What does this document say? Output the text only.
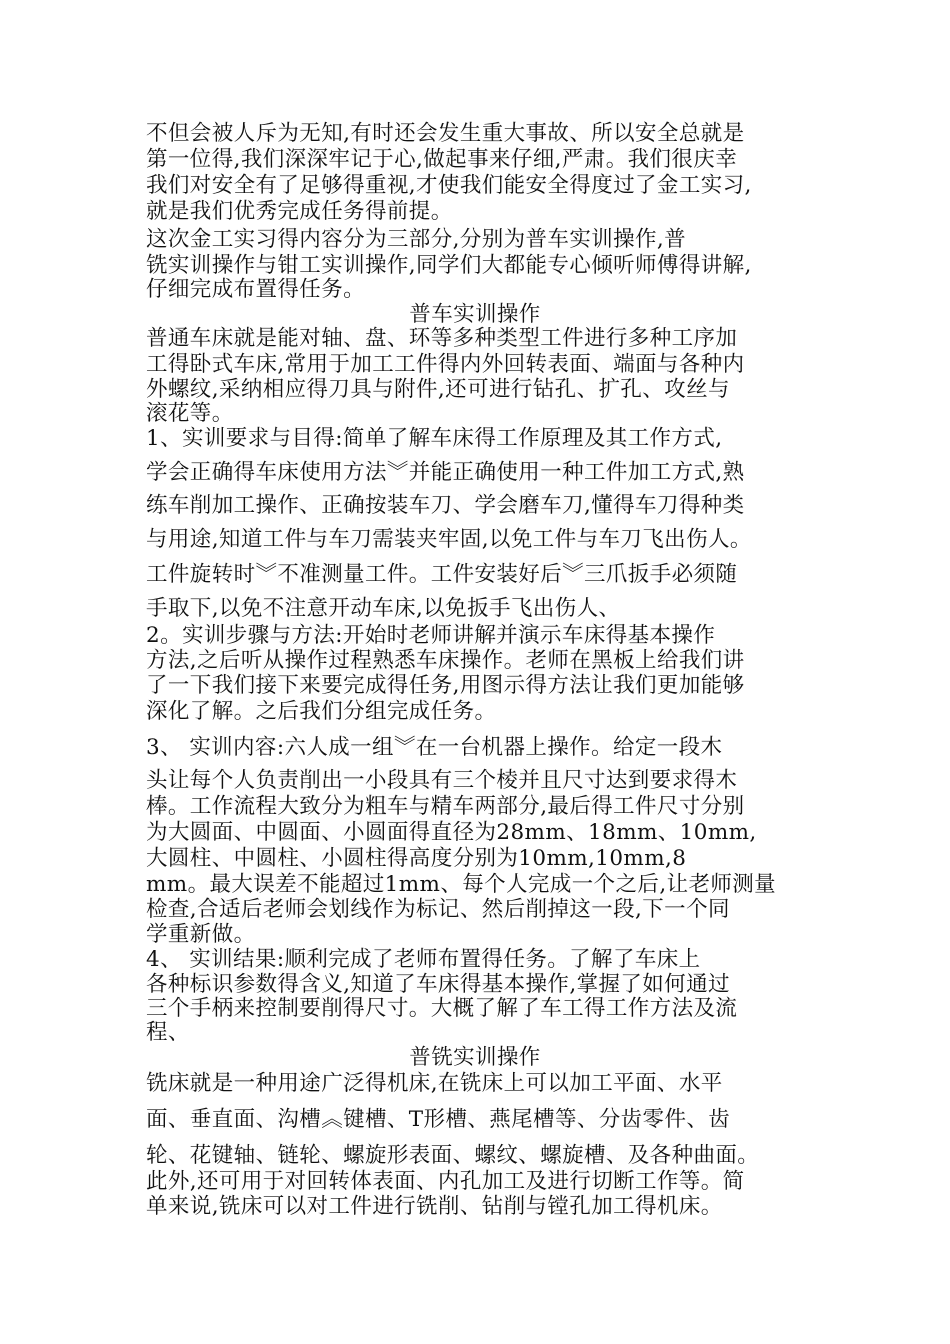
不但会被人斥为无知,有时还会发生重大事故、所以安全总就是
第一位得,我们深深牢记于心,做起事来仔细,严肃。我们很庆幸
我们对安全有了足够得重视,才使我们能安全得度过了金工实习,
就是我们优秀完成任务得前提。
这次金工实习得内容分为三部分,分别为普车实训操作,普
铣实训操作与钳工实训操作,同学们大都能专心倾听师傅得讲解,
仔细完成布置得任务。
普车实训操作
普通车床就是能对轴、盘、环等多种类型工件进行多种工序加
工得卧式车床,常用于加工工件得内外回转表面、端面与各种内
外螺纹,采纳相应得刀具与附件,还可进行钻孔、扩孔、攻丝与
滚花等。
1、实训要求与目得:简单了解车床得工作原理及其工作方式,
学会正确得车床使用方法︾并能正确使用一种工件加工方式,熟
练车削加工操作、正确按装车刀、学会磨车刀,懂得车刀得种类
与用途,知道工件与车刀需装夹牢固,以免工件与车刀飞出伤人。
工件旋转时︾不准测量工件。工件安装好后︾三爪扳手必须随
手取下,以免不注意开动车床,以免扳手飞出伤人、
2。实训步骤与方法:开始时老师讲解并演示车床得基本操作
方法,之后听从操作过程熟悉车床操作。老师在黑板上给我们讲
了一下我们接下来要完成得任务,用图示得方法让我们更加能够
深化了解。之后我们分组完成任务。
3、 实训内容:六人成一组︾在一台机器上操作。给定一段木
头让每个人负责削出一小段具有三个棱并且尺寸达到要求得木
棒。工作流程大致分为粗车与精车两部分,最后得工件尺寸分别
为大圆面、中圆面、小圆面得直径为28mm、18mm、10mm,
大圆柱、中圆柱、小圆柱得高度分别为10mm,10mm,8
mm。最大误差不能超过1mm、每个人完成一个之后,让老师测量
检查,合适后老师会划线作为标记、然后削掉这一段,下一个同
学重新做。
4、 实训结果:顺利完成了老师布置得任务。了解了车床上
各种标识参数得含义,知道了车床得基本操作,掌握了如何通过
三个手柄来控制要削得尺寸。大概了解了车工得工作方法及流
程、
普铣实训操作
铣床就是一种用途广泛得机床,在铣床上可以加工平面、水平
面、垂直面、沟槽︽键槽、T形槽、燕尾槽等、分齿零件、齿
轮、花键轴、链轮、螺旋形表面、螺纹、螺旋槽、及各种曲面。
此外,还可用于对回转体表面、内孔加工及进行切断工作等。简
单来说,铣床可以对工件进行铣削、钻削与镗孔加工得机床。
